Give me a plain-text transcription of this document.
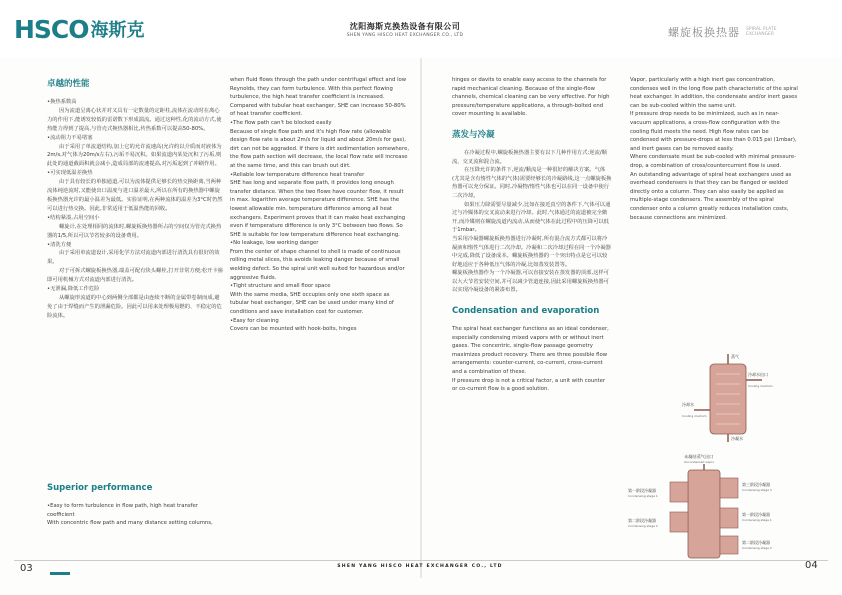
HSCO 海斯克	沈阳海斯克换热设备有限公司
SHEN YANG HISCO HEAT EXCHANGER CO., LTD	螺旋板换热器 SPIRAL PLATE EXCHANGER
卓越的性能

•换热系数高

因为流道呈离心状并对又具有一定数量的定距柱,流体在流动时在离心力的作用下,能诱发较低的雷诺数下形成湍流。通过这种性,化的流动方式,使热能力得到了提高,与管壳式换热器相比,传热系数可以提高50-80%。

•流动阻力不易堵塞

由于采用了单流道结构,加上它的允许流速高(允许约以介质而对液体为2m/s,对气体为20m/s左右),污垢不易沉积。如果流道内某处沉积了污垢,则此处的通道截面积就会减小,造成局部的流速提高,对污垢起到了冲刷作用。

•可实现低温差换热

由于具有较长的单独通道,可以为流体提供足够长的热交换距离,当两种流体纯逆流时,又能使出口温度与进口温差最大,所以在所有的换热器中螺旋板换热器允许的最小温差为最低。实验证明,在两种流体的温差为3°C时仍然可以进行热交换。因此,非常适用于低温热能的回收。

•结构紧凑,占用空间小

螺旋计,在处理相同的流体时,螺旋板换热器所占的空间仅为管壳式换热器的1/5,所以可以节省较多的设备费用。

•清洗方便

由于采用单流道设计,采用化学方法对流道内部进行清洗具有很好的效果。

对于可拆式螺旋板换热器,端盖可配有快头螺栓,打开非常方便;松开卡箍即可用机械方式对流道内部进行清洗。

•无泄漏,降低工作危险

从螺旋形流道的中心到两侧全部都是由连续不断的金属带卷制而成,避免了由于焊缝而产生的泄漏危险。因此可以用来处理极易燃的、不稳定的危险流体。

Superior performance

•Easy to form turbulence in flow path, high heat transfer coefficient

With concentric flow path and many distance setting columns,

when fluid flows through the path under centrifugal effect and low Reynolds, they can form turbulence. With this perfect flowing turbulence, the high heat transfer coefficient is increased. Compared with tubular heat exchanger, SHE can increase 50-80% of heat transfer coefficient.

•The flow path can't be blocked easily

Because of single flow path and it's high flow rate (allowable design flow rate is about 2m/s for liquid and about 20m/s for gas), dirt can not be aggraded. If there is dirt sedimentation somewhere, the flow path section will decrease, the local flow rate will increase at the same time, and this can brush out dirt.

•Reliable low temperature difference heat transfer

SHE has long and separate flow path, it provides long enough transfer distance. When the two flows have counter flow, it result in max. logarithm average temperature difference. SHE has the lowest allowable min. temperature difference among all heat exchangers. Experiment proves that it can make heat exchanging even if temperature difference is only 3°C between two flows. So SHE is suitable for low temperature difference heat exchanging.

•No leakage, low working danger

From the center of shape channel to shell is made of continuous rolling metal slices, this avoids leaking danger because of small welding defect. So the spiral unit well suited for hazardous and/or aggressive fluids.

•Tight structure and small floor space

With the same media, SHE occupies only one sixth space as tubular heat exchanger, SHE can be used under many kind of conditions and save installation cost for customer.

•Easy for cleaning

Covers can be mounted with hook-bolts, hinges

hinges or davits to enable easy access to the channels for rapid mechanical cleaning. Because of the single-flow channels, chemical cleaning can be very effective. For high pressure/temperature applications, a through-bolted end cover mounting is available.

蒸发与冷凝

在冷凝过程中,螺旋板换热器主要有以下几种作用方式:逆流/顺流、交叉流和混合流。

在压降允许的条件下,逆流/顺流是一种很好的解决方案。气体(尤其是含有惰性气体的气体)需要经够长的冷凝路线,这一点螺旋板换热器可以充分保证。同时,冷凝物/惰性气体也可以在同一设备中使行二次冷却。

如果压力降需要尽量减少,比如在接近真空的条件下,气体可以通过与冷媒体的交叉流动来进行冷却。此时,气体通过的流道被完全敞开,而冷媒则在螺旋流道内流动,从而使气体在此过程中的压降可以低于1mbar。

当采用冷凝器螺旋板换热器进行冷凝时,所有混合流方式都可以将冷凝液和惰性气体进行二次冷却。冷凝和二次冷却过程在同一个冷凝器中完成,降低了设备成本。螺旋板换热器的一个突出特点是它可以较好地适应于各种低压气体的冷凝,比如蒸发装置等。

螺旋板换热器作为一个冷凝器,可以直接安装在蒸发器的顶部,这样可以大大节省安装空间,并可以减少管道连接,因此采用螺旋板换热器可以实现冷凝设备的紧凑布置。

Condensation and evaporation

The spiral heat exchanger functions as an ideal condenser, especially condensing mixed vapors with or without inert gases. The concentric, single-flow passage geometry maximizes product recovery. There are three possible flow arrangements: counter-current, co-current, cross-current and a combination of these.

If pressure drop is not a critical factor, a unit with counter or co-current flow is a good solution.

Vapor, particularly with a high inert gas concentration, condenses well in the long flow path characteristic of the spiral heat exchanger. In addition, the condensate and/or inert gases can be sub-cooled within the same unit.

If pressure drop needs to be minimized, such as in near-vacuum applications, a cross-flow configuration with the cooling fluid meets the need. High flow rates can be condensed with pressure-drops at less than 0.015 psi (1mbar), and inert gases can be removed easily.

Where condensate must be sub-cooled with minimal pressure-drop, a combination of cross/countercurrent flow is used.

An outstanding advantage of spiral heat exchangers used as overhead condensers is that they can be flanged or welded directly onto a column. They can also easily be applied as multiple-stage condensers. The assembly of the spiral condenser onto a column greatly reduces installation costs, because connections are minimized.

蒸气
冷却水出口
Cooling medium
冷却水
Cooling medium
冷凝水
未凝结蒸气出口
Uncondensed vapor
第一阶段冷凝器
Condensing stage 1
第二阶段冷凝器
Condensing stage 2
第三阶段冷凝器
Condensing stage 3
第一阶段冷凝器
Condensing stage 1
第二阶段冷凝器
Condensing stage 2
03	SHEN YANG HISCO HEAT EXCHANGER CO., LTD	04
